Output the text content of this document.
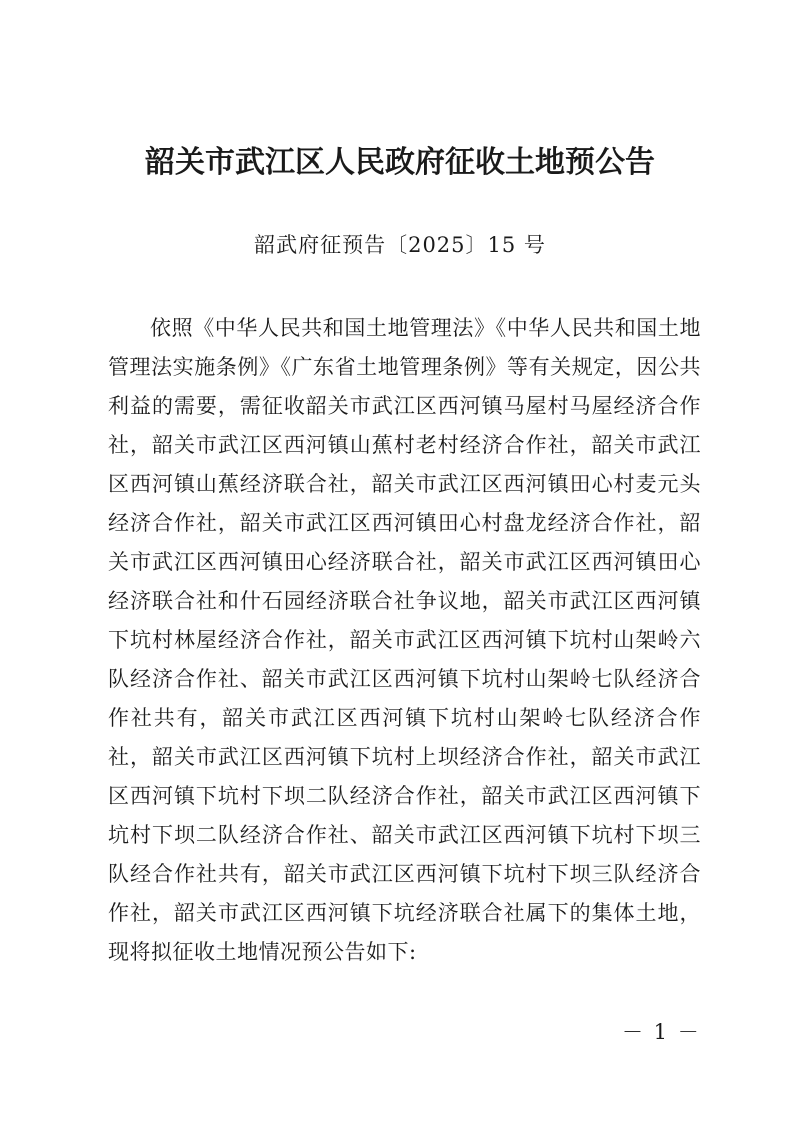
韶关市武江区人民政府征收土地预公告
韶武府征预告〔2025〕15 号

依照《中华人民共和国土地管理法》《中华人民共和国土地管理法实施条例》《广东省土地管理条例》等有关规定，因公共利益的需要，需征收韶关市武江区西河镇马屋村马屋经济合作社，韶关市武江区西河镇山蕉村老村经济合作社，韶关市武江区西河镇山蕉经济联合社，韶关市武江区西河镇田心村麦元头经济合作社，韶关市武江区西河镇田心村盘龙经济合作社，韶关市武江区西河镇田心经济联合社，韶关市武江区西河镇田心经济联合社和什石园经济联合社争议地，韶关市武江区西河镇下坑村林屋经济合作社，韶关市武江区西河镇下坑村山架岭六队经济合作社、韶关市武江区西河镇下坑村山架岭七队经济合作社共有，韶关市武江区西河镇下坑村山架岭七队经济合作社，韶关市武江区西河镇下坑村上坝经济合作社，韶关市武江区西河镇下坑村下坝二队经济合作社，韶关市武江区西河镇下坑村下坝二队经济合作社、韶关市武江区西河镇下坑村下坝三队经合作社共有，韶关市武江区西河镇下坑村下坝三队经济合作社，韶关市武江区西河镇下坑经济联合社属下的集体土地，现将拟征收土地情况预公告如下:

－ 1 －
